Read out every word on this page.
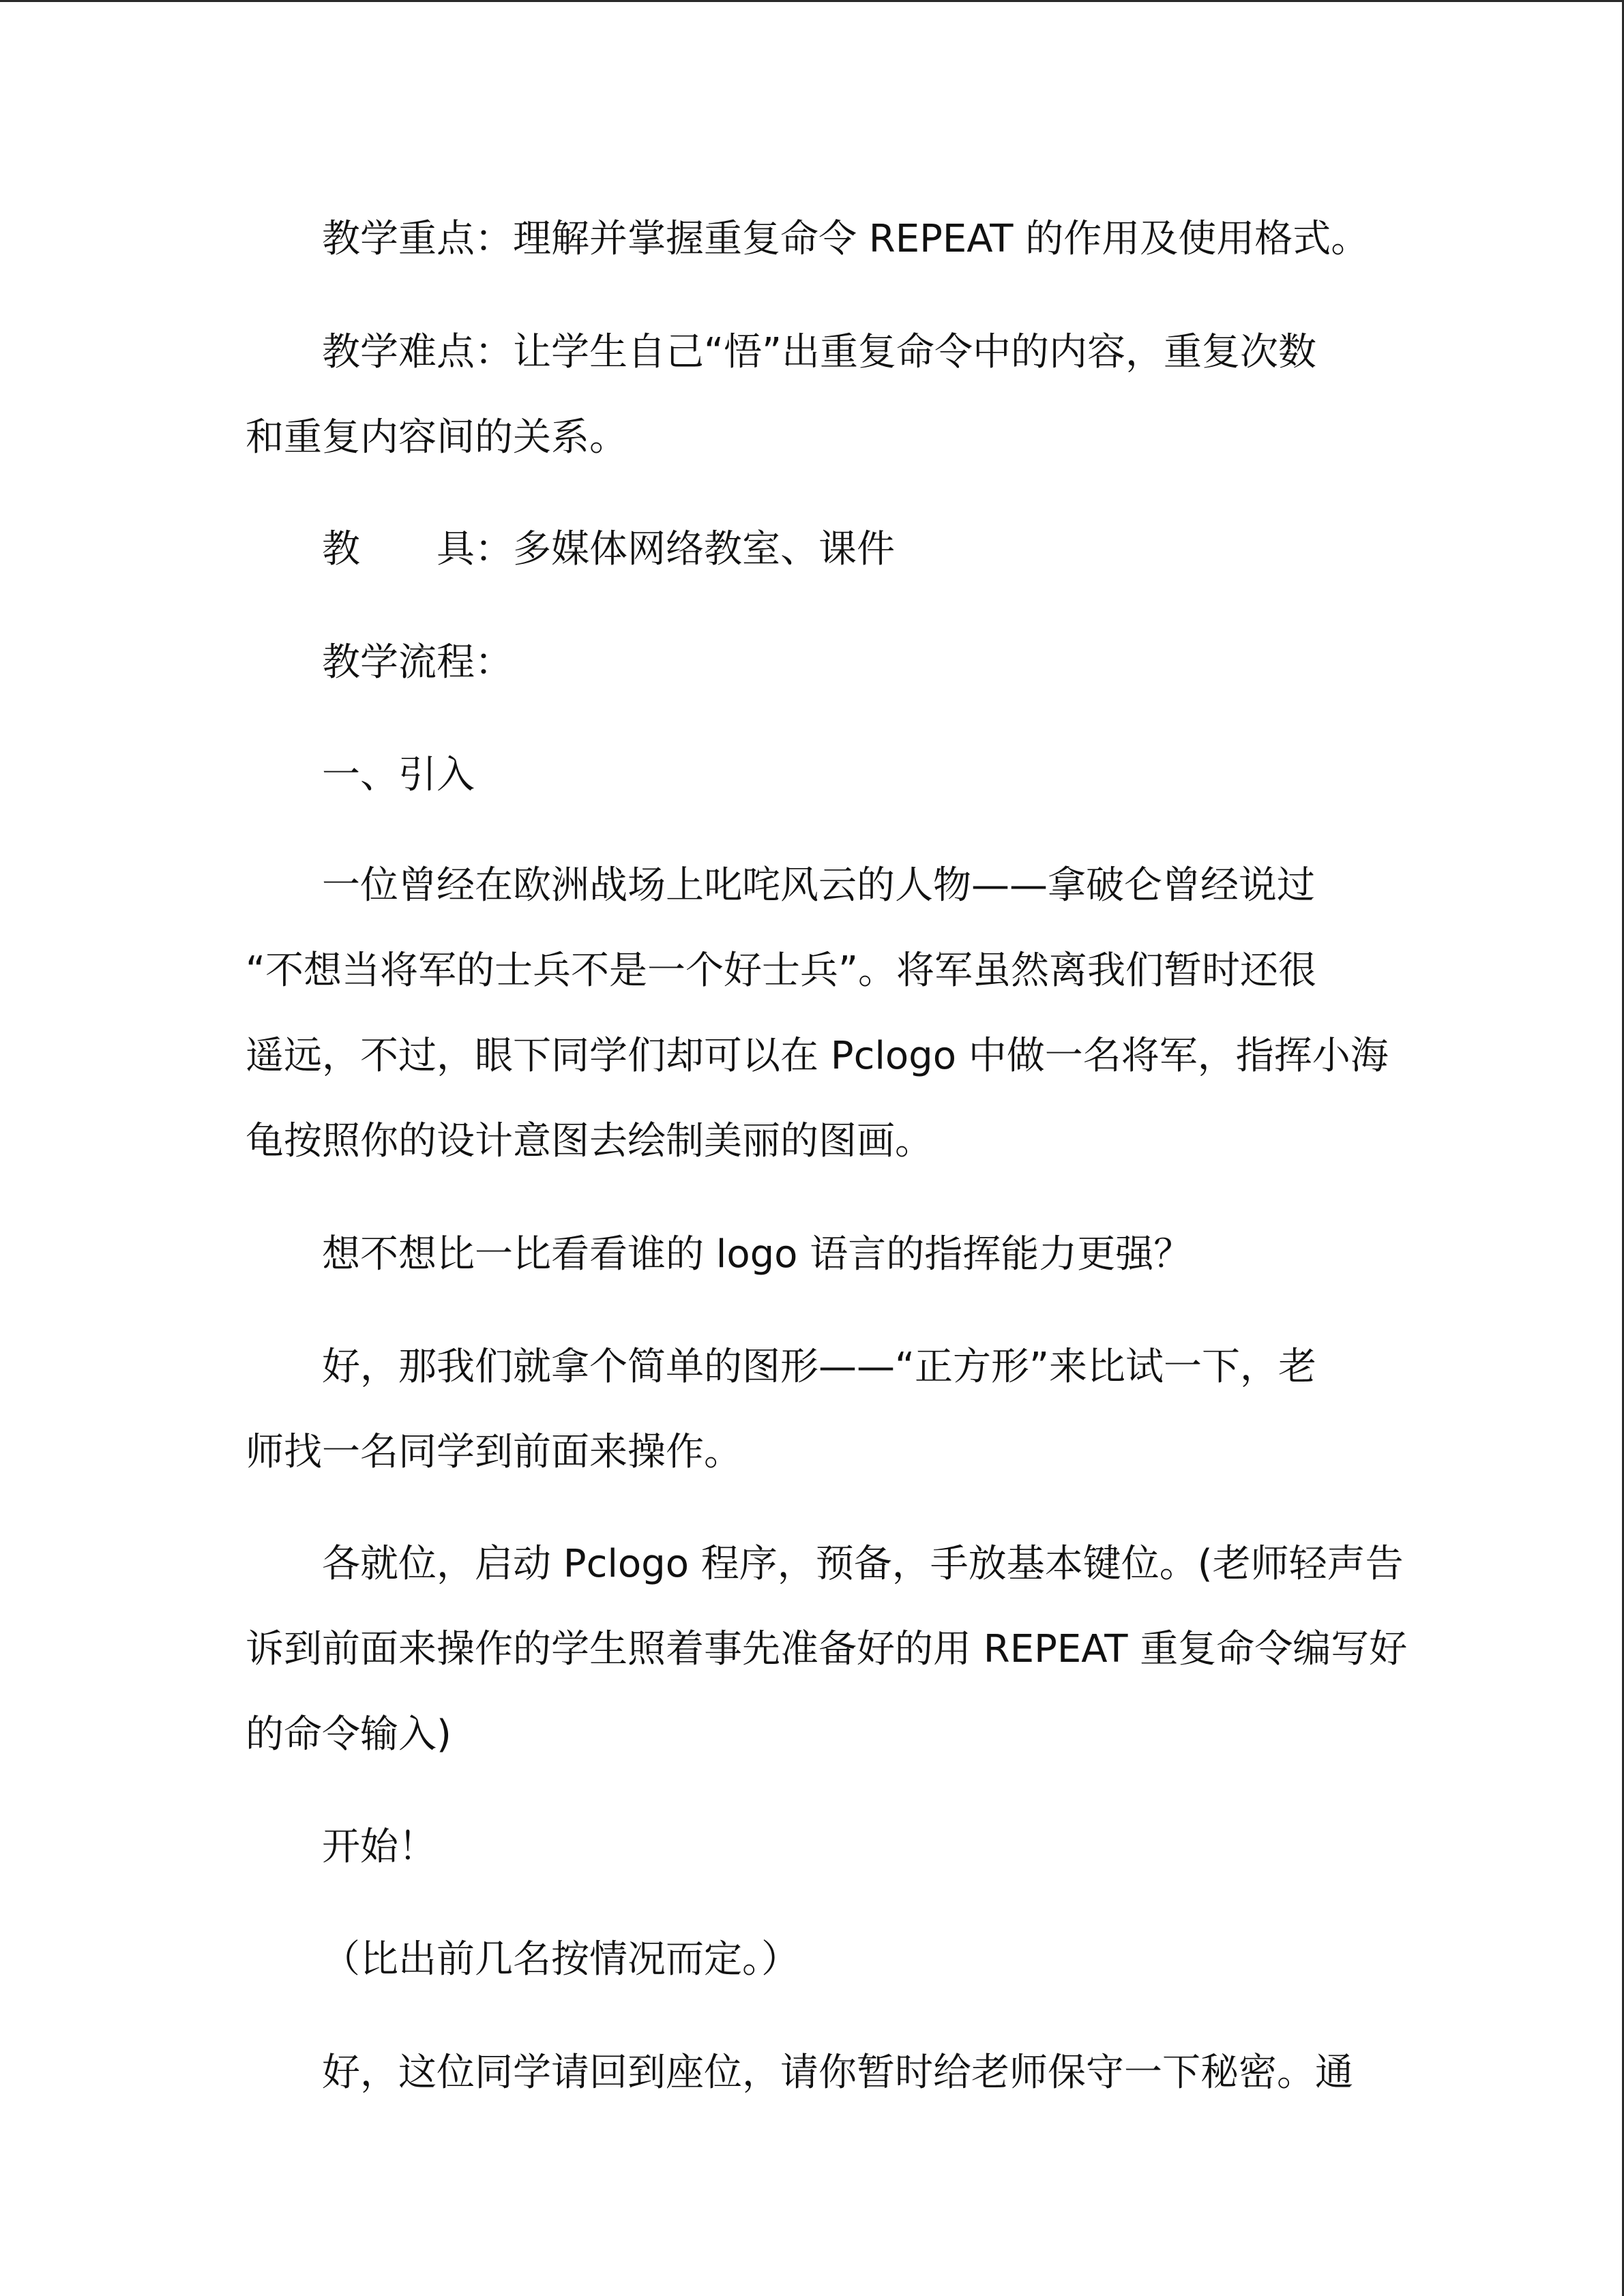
教学重点：理解并掌握重复命令 REPEAT 的作用及使用格式。
教学难点：让学生自己“悟”出重复命令中的内容，重复次数
和重复内容间的关系。
教　　具：多媒体网络教室、课件
教学流程：
一、引入
一位曾经在欧洲战场上叱咤风云的人物——拿破仑曾经说过
“不想当将军的士兵不是一个好士兵”。将军虽然离我们暂时还很
遥远，不过，眼下同学们却可以在 Pclogo 中做一名将军，指挥小海
龟按照你的设计意图去绘制美丽的图画。
想不想比一比看看谁的 logo 语言的指挥能力更强？
好，那我们就拿个简单的图形——“正方形”来比试一下，老
师找一名同学到前面来操作。
各就位，启动 Pclogo 程序，预备，手放基本键位。(老师轻声告
诉到前面来操作的学生照着事先准备好的用 REPEAT 重复命令编写好
的命令输入)
开始！
（比出前几名按情况而定。）
好，这位同学请回到座位，请你暂时给老师保守一下秘密。通
